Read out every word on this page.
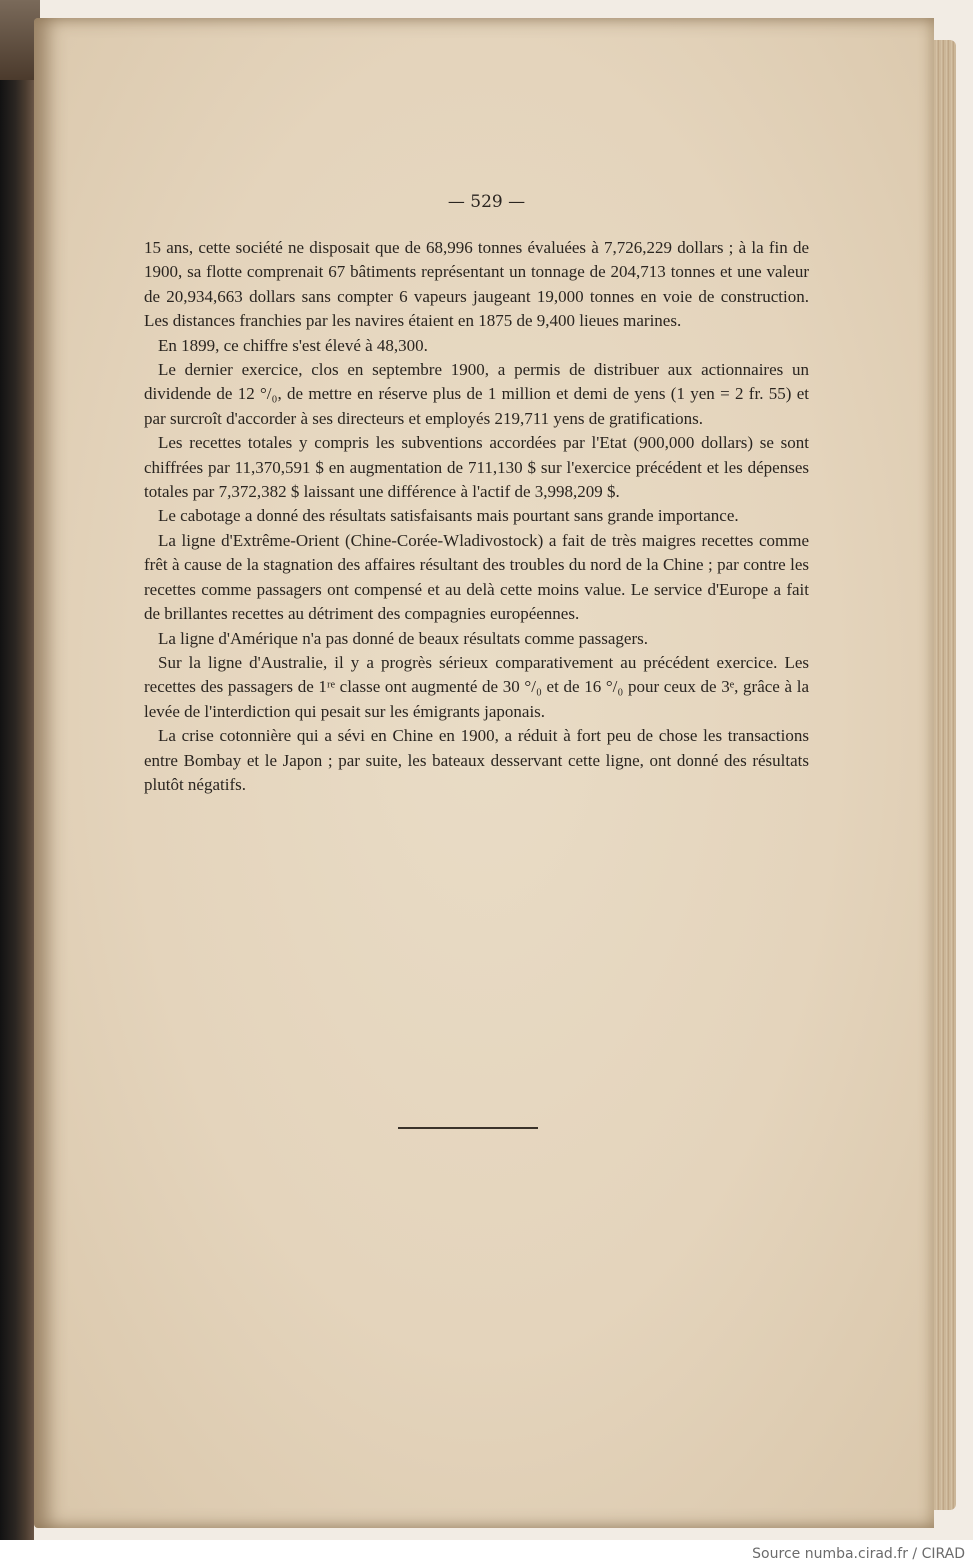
— 529 —

15 ans, cette société ne disposait que de 68,996 tonnes évaluées à 7,726,229 dollars ; à la fin de 1900, sa flotte comprenait 67 bâtiments représentant un tonnage de 204,713 tonnes et une valeur de 20,934,663 dollars sans compter 6 vapeurs jaugeant 19,000 tonnes en voie de construction. Les distances franchies par les navires étaient en 1875 de 9,400 lieues marines.

En 1899, ce chiffre s'est élevé à 48,300.

Le dernier exercice, clos en septembre 1900, a permis de distribuer aux actionnaires un dividende de 12 °/₀, de mettre en réserve plus de 1 million et demi de yens (1 yen = 2 fr. 55) et par surcroît d'accorder à ses directeurs et employés 219,711 yens de gratifications.

Les recettes totales y compris les subventions accordées par l'Etat (900,000 dollars) se sont chiffrées par 11,370,591 $ en augmentation de 711,130 $ sur l'exercice précédent et les dépenses totales par 7,372,382 $ laissant une différence à l'actif de 3,998,209 $.

Le cabotage a donné des résultats satisfaisants mais pourtant sans grande importance.

La ligne d'Extrême-Orient (Chine-Corée-Wladivostock) a fait de très maigres recettes comme frêt à cause de la stagnation des affaires résultant des troubles du nord de la Chine ; par contre les recettes comme passagers ont compensé et au delà cette moins value. Le service d'Europe a fait de brillantes recettes au détriment des compagnies européennes.

La ligne d'Amérique n'a pas donné de beaux résultats comme passagers.

Sur la ligne d'Australie, il y a progrès sérieux comparativement au précédent exercice. Les recettes des passagers de 1ʳᵉ classe ont augmenté de 30 °/₀ et de 16 °/₀ pour ceux de 3ᵉ, grâce à la levée de l'interdiction qui pesait sur les émigrants japonais.

La crise cotonnière qui a sévi en Chine en 1900, a réduit à fort peu de chose les transactions entre Bombay et le Japon ; par suite, les bateaux desservant cette ligne, ont donné des résultats plutôt négatifs.

Source numba.cirad.fr / CIRAD
